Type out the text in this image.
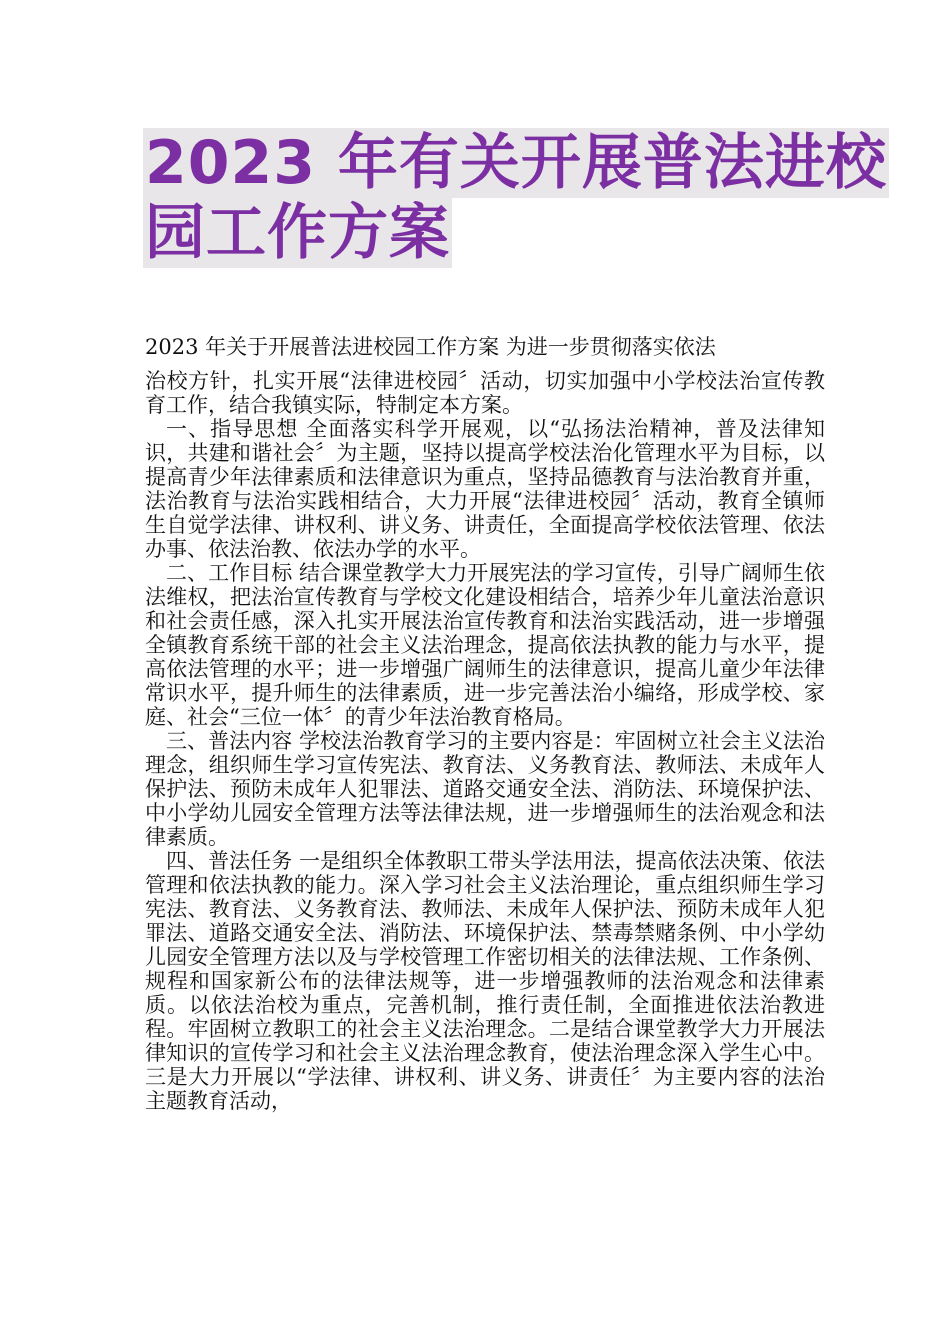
2023 年有关开展普法进校
园工作方案

2023 年关于开展普法进校园工作方案 为进一步贯彻落实依法

治校方针，扎实开展“法律进校园〞活动，切实加强中小学校法治宣传教育工作，结合我镇实际，特制定本方案。

一、指导思想 全面落实科学开展观，以“弘扬法治精神，普及法律知识，共建和谐社会〞为主题，坚持以提高学校法治化管理水平为目标，以提高青少年法律素质和法律意识为重点，坚持品德教育与法治教育并重，法治教育与法治实践相结合，大力开展“法律进校园〞活动，教育全镇师生自觉学法律、讲权利、讲义务、讲责任，全面提高学校依法管理、依法办事、依法治教、依法办学的水平。

二、工作目标 结合课堂教学大力开展宪法的学习宣传，引导广阔师生依法维权，把法治宣传教育与学校文化建设相结合，培养少年儿童法治意识和社会责任感，深入扎实开展法治宣传教育和法治实践活动，进一步增强全镇教育系统干部的社会主义法治理念，提高依法执教的能力与水平，提高依法管理的水平；进一步增强广阔师生的法律意识，提高儿童少年法律常识水平，提升师生的法律素质，进一步完善法治小编络，形成学校、家庭、社会“三位一体〞的青少年法治教育格局。

三、普法内容 学校法治教育学习的主要内容是：牢固树立社会主义法治理念，组织师生学习宣传宪法、教育法、义务教育法、教师法、未成年人保护法、预防未成年人犯罪法、道路交通安全法、消防法、环境保护法、中小学幼儿园安全管理方法等法律法规，进一步增强师生的法治观念和法律素质。

四、普法任务 一是组织全体教职工带头学法用法，提高依法决策、依法管理和依法执教的能力。深入学习社会主义法治理论，重点组织师生学习宪法、教育法、义务教育法、教师法、未成年人保护法、预防未成年人犯罪法、道路交通安全法、消防法、环境保护法、禁毒禁赌条例、中小学幼儿园安全管理方法以及与学校管理工作密切相关的法律法规、工作条例、规程和国家新公布的法律法规等，进一步增强教师的法治观念和法律素质。以依法治校为重点，完善机制，推行责任制，全面推进依法治教进程。牢固树立教职工的社会主义法治理念。二是结合课堂教学大力开展法律知识的宣传学习和社会主义法治理念教育，使法治理念深入学生心中。三是大力开展以“学法律、讲权利、讲义务、讲责任〞为主要内容的法治主题教育活动，
